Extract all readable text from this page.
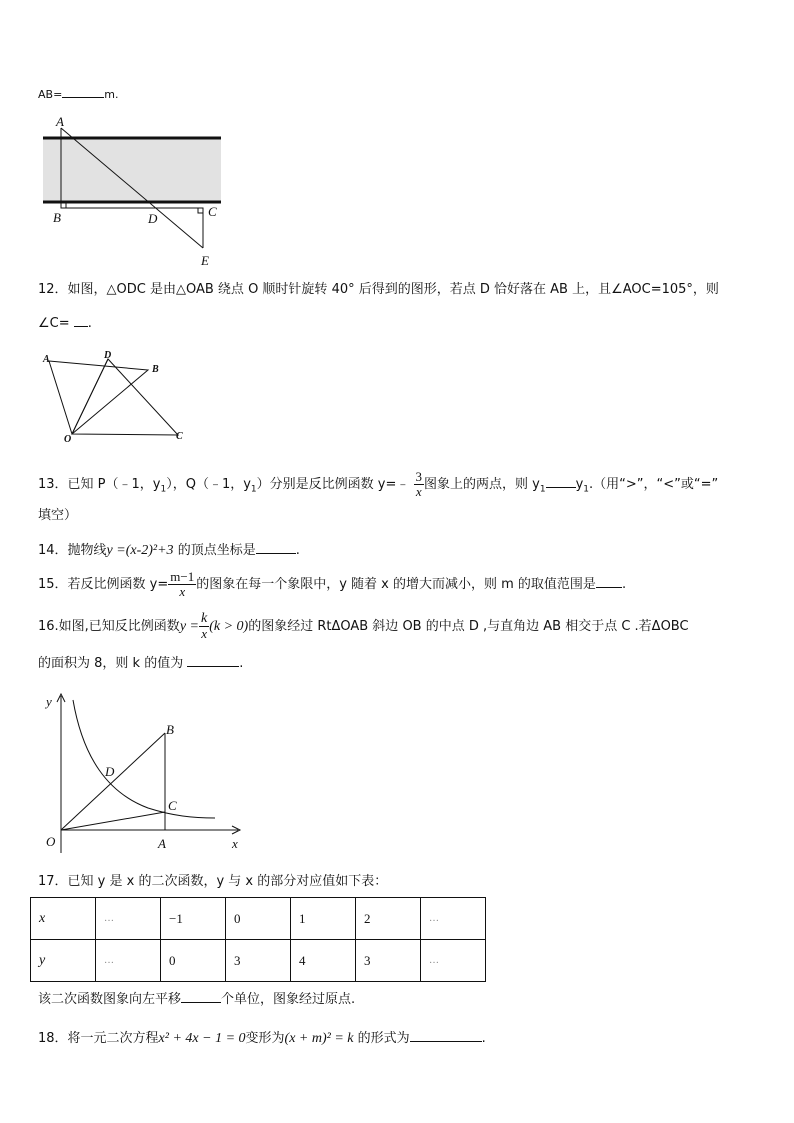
AB=	m.
A
B	C
D
E
12．如图，△ODC 是由△OAB 绕点 O 顺时针旋转 40° 后得到的图形，若点 D 恰好落在 AB 上，且∠AOC=105°，则
∠C= .
A	D
B
O	C
13．已知 P（﹣1，$y_1$），Q（﹣1，$y_1$）分别是反比例函数 y=﹣ $\frac{3}{x}$ 图象上的两点，则 $y_1$ $y_1$.（用“>”，“<”或“=”
填空）
14．抛物线y =(x-2)²+3 的顶点坐标是	.
15．若反比例函数 $y= \frac{m-1}{x}$ 的图象在每一个象限中，y 随着 x 的增大而减小，则 m 的取值范围是 .
16.如图,已知反比例函数$y = \frac{k}{x} (k > 0)$的图象经过 RtΔOAB 斜边 OB 的中点 D ,与直角边 AB 相交于点 C .若ΔOBC
的面积为 8，则 k 的值为	.
y
x
O	A
B
C
D
17．已知 y 是 x 的二次函数，y 与 x 的部分对应值如下表：
x	…	−1	0	1	2	…
y	…	0	3	4	3	…
该二次函数图象向左平移	个单位，图象经过原点.
18．将一元二次方程x² + 4x − 1 = 0变形为(x + m)² = k 的形式为	.
